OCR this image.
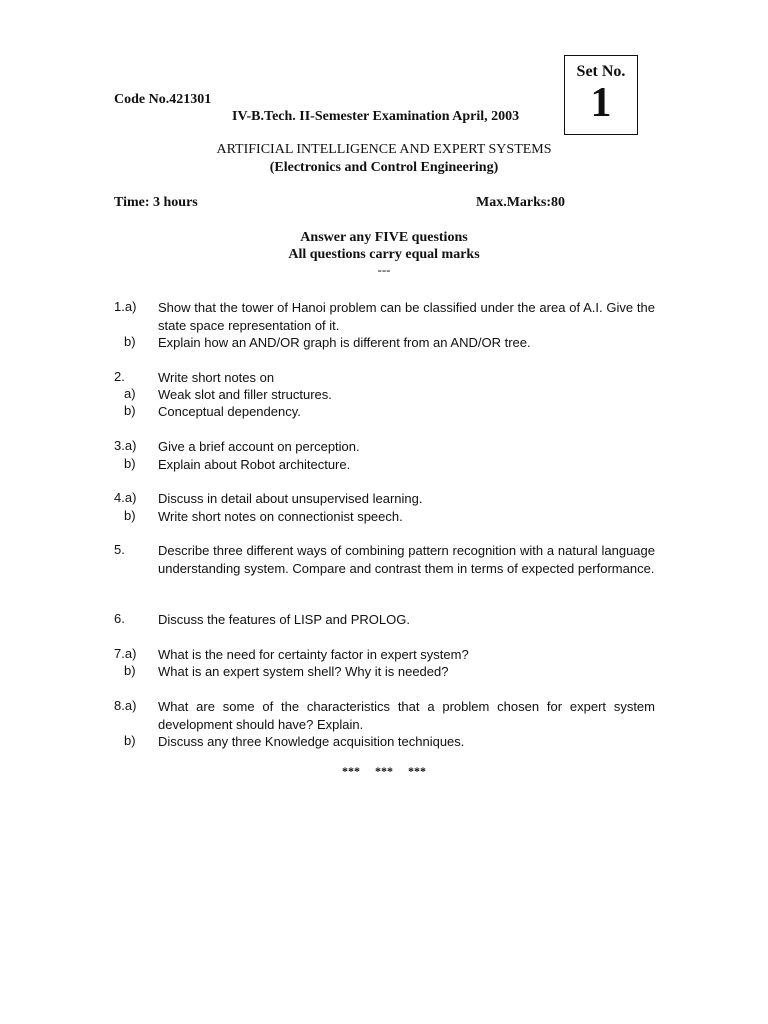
Set No.
1
Code No.421301
IV-B.Tech. II-Semester Examination April, 2003
ARTIFICIAL INTELLIGENCE AND EXPERT SYSTEMS
(Electronics and Control Engineering)
Time: 3 hours	Max.Marks:80
Answer any FIVE questions
All questions carry equal marks
---
1.a) Show that the tower of Hanoi problem can be classified under the area of A.I. Give the state space representation of it.
b) Explain how an AND/OR graph is different from an AND/OR tree.
2.	Write short notes on
a) Weak slot and filler structures.
b) Conceptual dependency.
3.a) Give a brief account on perception.
b) Explain about Robot architecture.
4.a) Discuss in detail about unsupervised learning.
b) Write short notes on connectionist speech.
5.	Describe three different ways of combining pattern recognition with a natural language understanding system. Compare and contrast them in terms of expected performance.
6.	Discuss the features of LISP and PROLOG.
7.a) What is the need for certainty factor in expert system?
b) What is an expert system shell? Why it is needed?
8.a) What are some of the characteristics that a problem chosen for expert system development should have? Explain.
b) Discuss any three Knowledge acquisition techniques.
***     ***     ***
